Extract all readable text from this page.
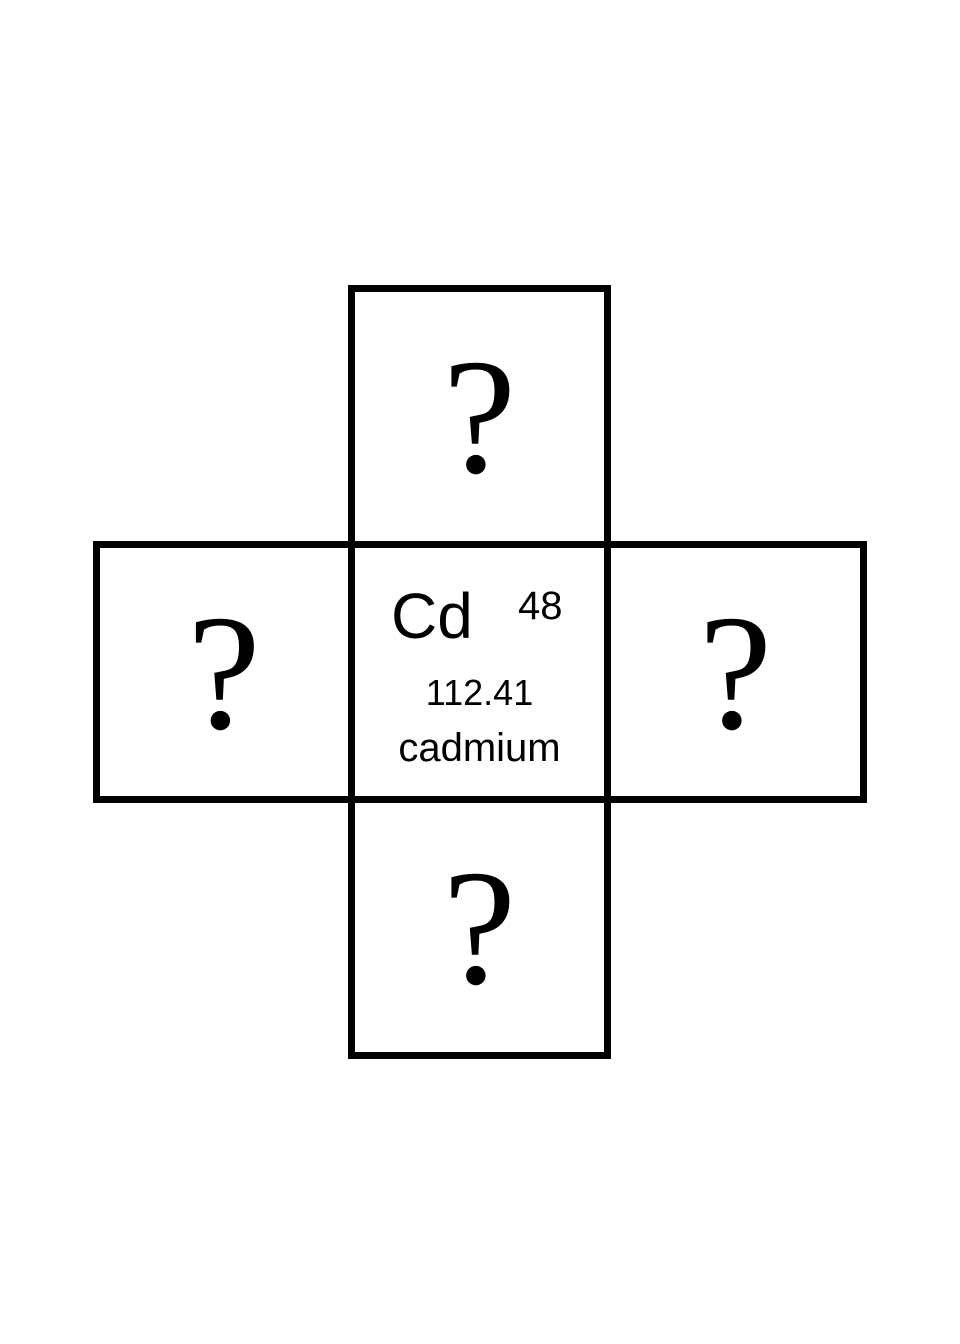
?
?	?
?
Cd 48
112.41
cadmium
